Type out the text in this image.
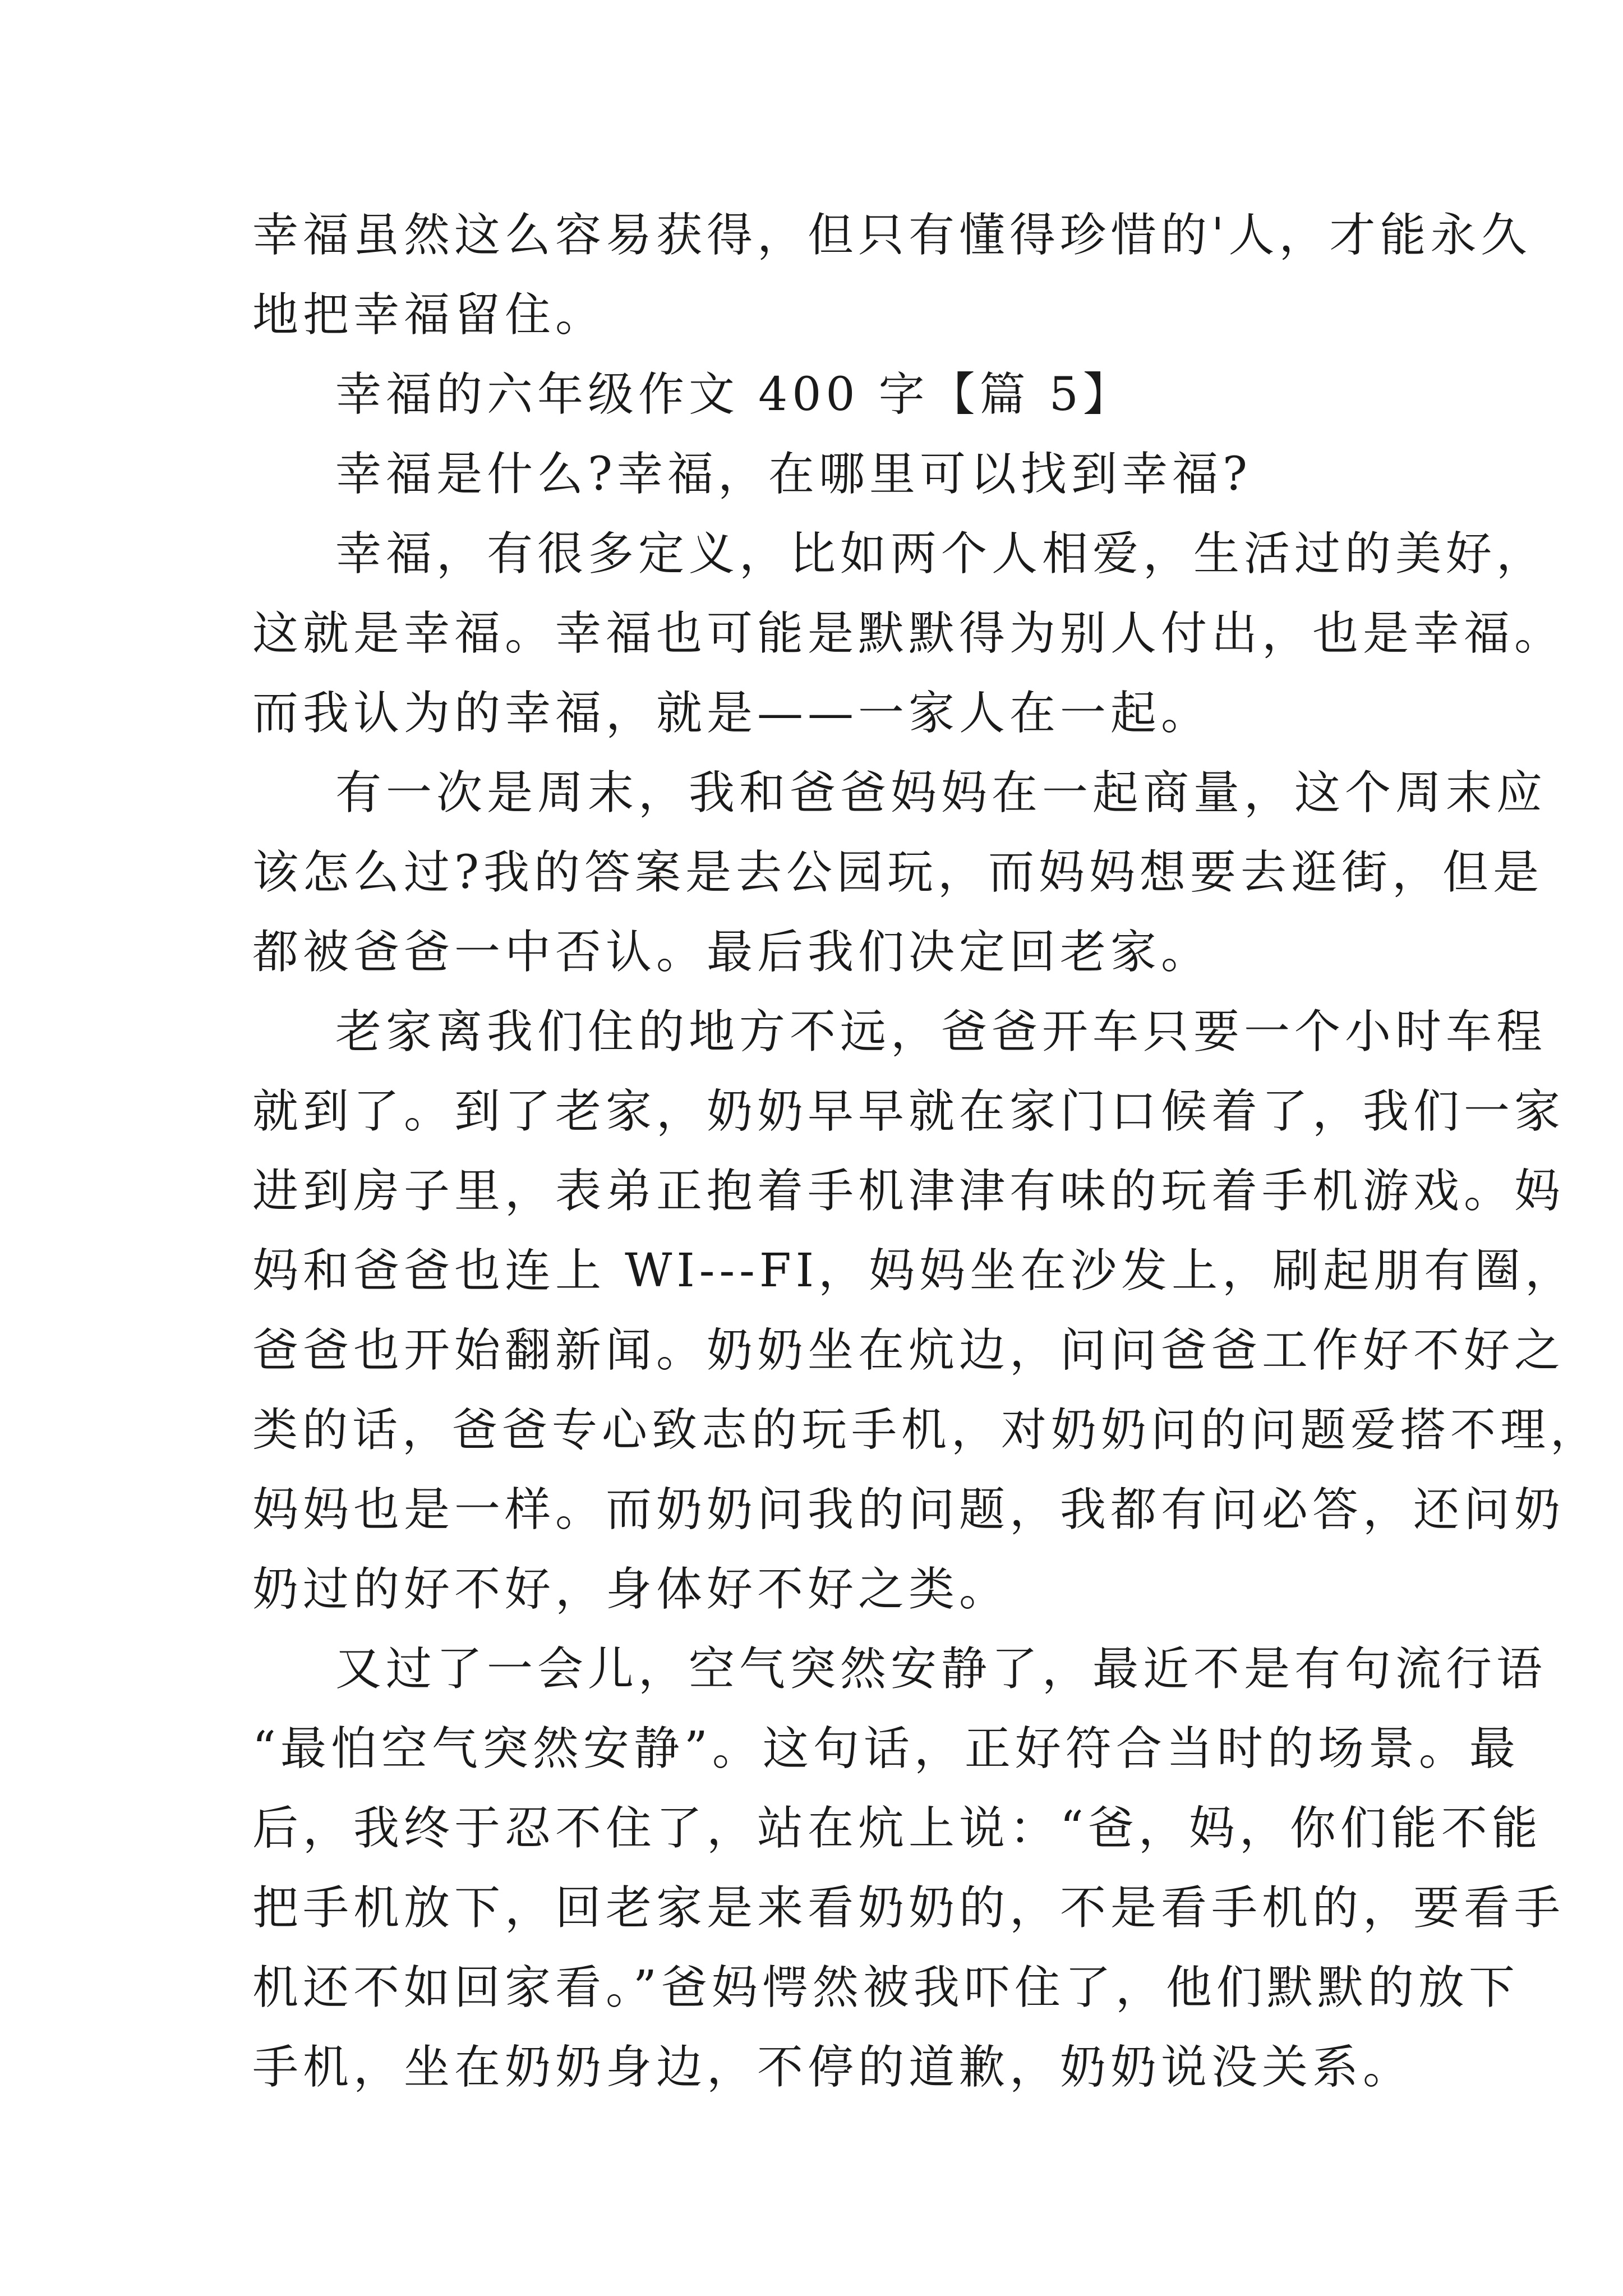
幸福虽然这么容易获得，但只有懂得珍惜的'人，才能永久
地把幸福留住。
幸福的六年级作文 400 字【篇 5】
幸福是什么?幸福，在哪里可以找到幸福?
幸福，有很多定义，比如两个人相爱，生活过的美好，
这就是幸福。幸福也可能是默默得为别人付出，也是幸福。
而我认为的幸福，就是——一家人在一起。
有一次是周末，我和爸爸妈妈在一起商量，这个周末应
该怎么过?我的答案是去公园玩，而妈妈想要去逛街，但是
都被爸爸一中否认。最后我们决定回老家。
老家离我们住的地方不远，爸爸开车只要一个小时车程
就到了。到了老家，奶奶早早就在家门口候着了，我们一家
进到房子里，表弟正抱着手机津津有味的玩着手机游戏。妈
妈和爸爸也连上 WI---FI，妈妈坐在沙发上，刷起朋有圈，
爸爸也开始翻新闻。奶奶坐在炕边，问问爸爸工作好不好之
类的话，爸爸专心致志的玩手机，对奶奶问的问题爱搭不理，
妈妈也是一样。而奶奶问我的问题，我都有问必答，还问奶
奶过的好不好，身体好不好之类。
又过了一会儿，空气突然安静了，最近不是有句流行语
“最怕空气突然安静”。这句话，正好符合当时的场景。最
后，我终于忍不住了，站在炕上说：“爸，妈，你们能不能
把手机放下，回老家是来看奶奶的，不是看手机的，要看手
机还不如回家看。”爸妈愕然被我吓住了，他们默默的放下
手机，坐在奶奶身边，不停的道歉，奶奶说没关系。
